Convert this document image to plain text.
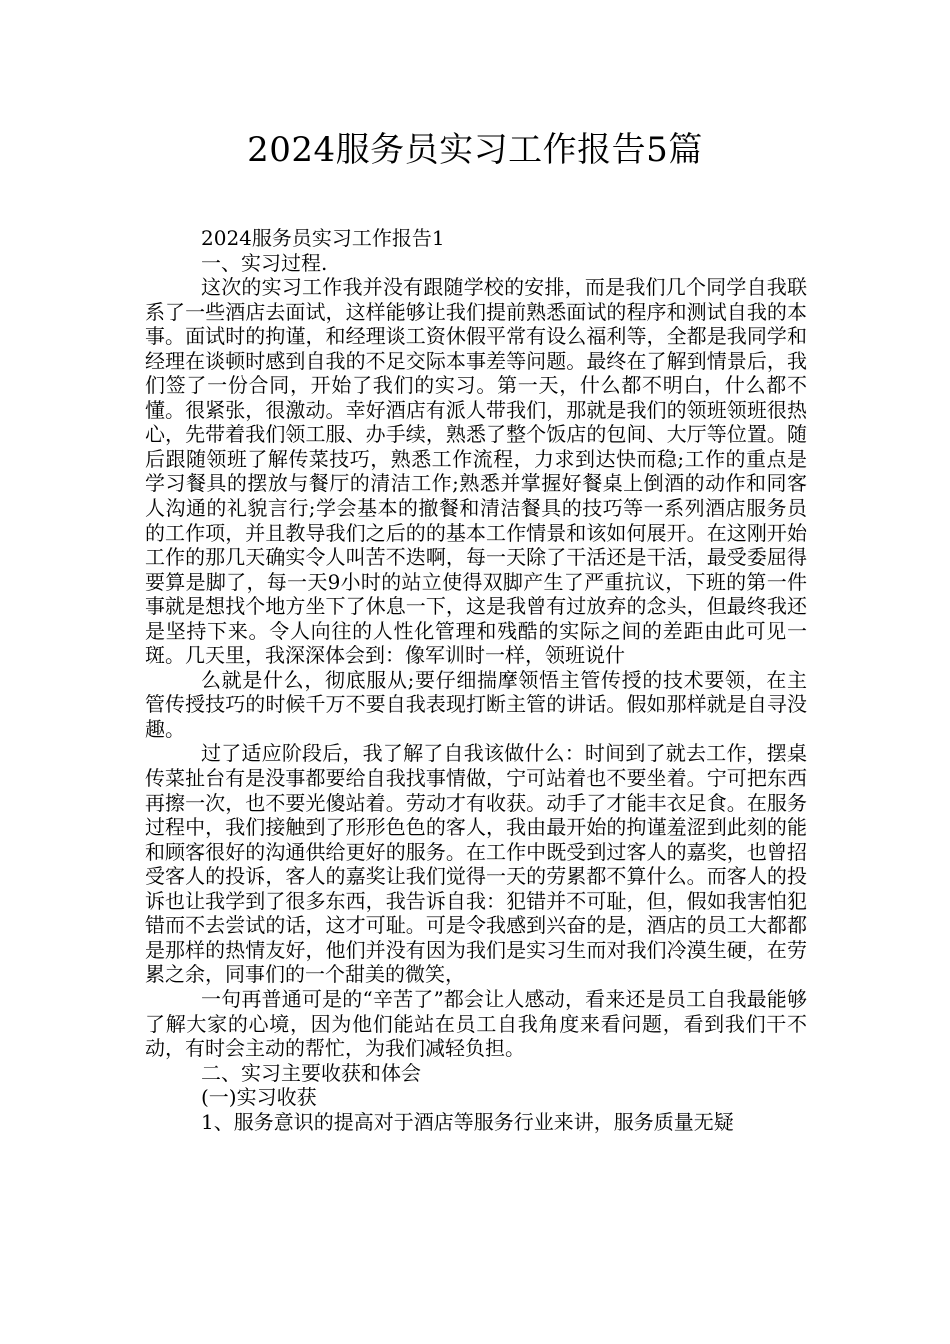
2024服务员实习工作报告5篇

2024服务员实习工作报告1

一、实习过程.

这次的实习工作我并没有跟随学校的安排，而是我们几个同学自我联系了一些酒店去面试，这样能够让我们提前熟悉面试的程序和测试自我的本事。面试时的拘谨，和经理谈工资休假平常有设么福利等，全都是我同学和经理在谈顿时感到自我的不足交际本事差等问题。最终在了解到情景后，我们签了一份合同，开始了我们的实习。第一天，什么都不明白，什么都不懂。很紧张，很激动。幸好酒店有派人带我们，那就是我们的领班领班很热心，先带着我们领工服、办手续，熟悉了整个饭店的包间、大厅等位置。随后跟随领班了解传菜技巧，熟悉工作流程，力求到达快而稳;工作的重点是学习餐具的摆放与餐厅的清洁工作;熟悉并掌握好餐桌上倒酒的动作和同客人沟通的礼貌言行;学会基本的撤餐和清洁餐具的技巧等一系列酒店服务员的工作项，并且教导我们之后的的基本工作情景和该如何展开。在这刚开始工作的那几天确实令人叫苦不迭啊，每一天除了干活还是干活，最受委屈得要算是脚了，每一天9小时的站立使得双脚产生了严重抗议，下班的第一件事就是想找个地方坐下了休息一下，这是我曾有过放弃的念头，但最终我还是坚持下来。令人向往的人性化管理和残酷的实际之间的差距由此可见一斑。几天里，我深深体会到：像军训时一样，领班说什

么就是什么，彻底服从;要仔细揣摩领悟主管传授的技术要领，在主管传授技巧的时候千万不要自我表现打断主管的讲话。假如那样就是自寻没趣。

过了适应阶段后，我了解了自我该做什么：时间到了就去工作，摆桌传菜扯台有是没事都要给自我找事情做，宁可站着也不要坐着。宁可把东西再擦一次，也不要光傻站着。劳动才有收获。动手了才能丰衣足食。在服务过程中，我们接触到了形形色色的客人，我由最开始的拘谨羞涩到此刻的能和顾客很好的沟通供给更好的服务。在工作中既受到过客人的嘉奖，也曾招受客人的投诉，客人的嘉奖让我们觉得一天的劳累都不算什么。而客人的投诉也让我学到了很多东西，我告诉自我：犯错并不可耻，但，假如我害怕犯错而不去尝试的话，这才可耻。可是令我感到兴奋的是，酒店的员工大都都是那样的热情友好，他们并没有因为我们是实习生而对我们冷漠生硬，在劳累之余，同事们的一个甜美的微笑，

一句再普通可是的“辛苦了”都会让人感动，看来还是员工自我最能够了解大家的心境，因为他们能站在员工自我角度来看问题，看到我们干不动，有时会主动的帮忙，为我们减轻负担。

二、实习主要收获和体会

(一)实习收获

1、服务意识的提高对于酒店等服务行业来讲，服务质量无疑
